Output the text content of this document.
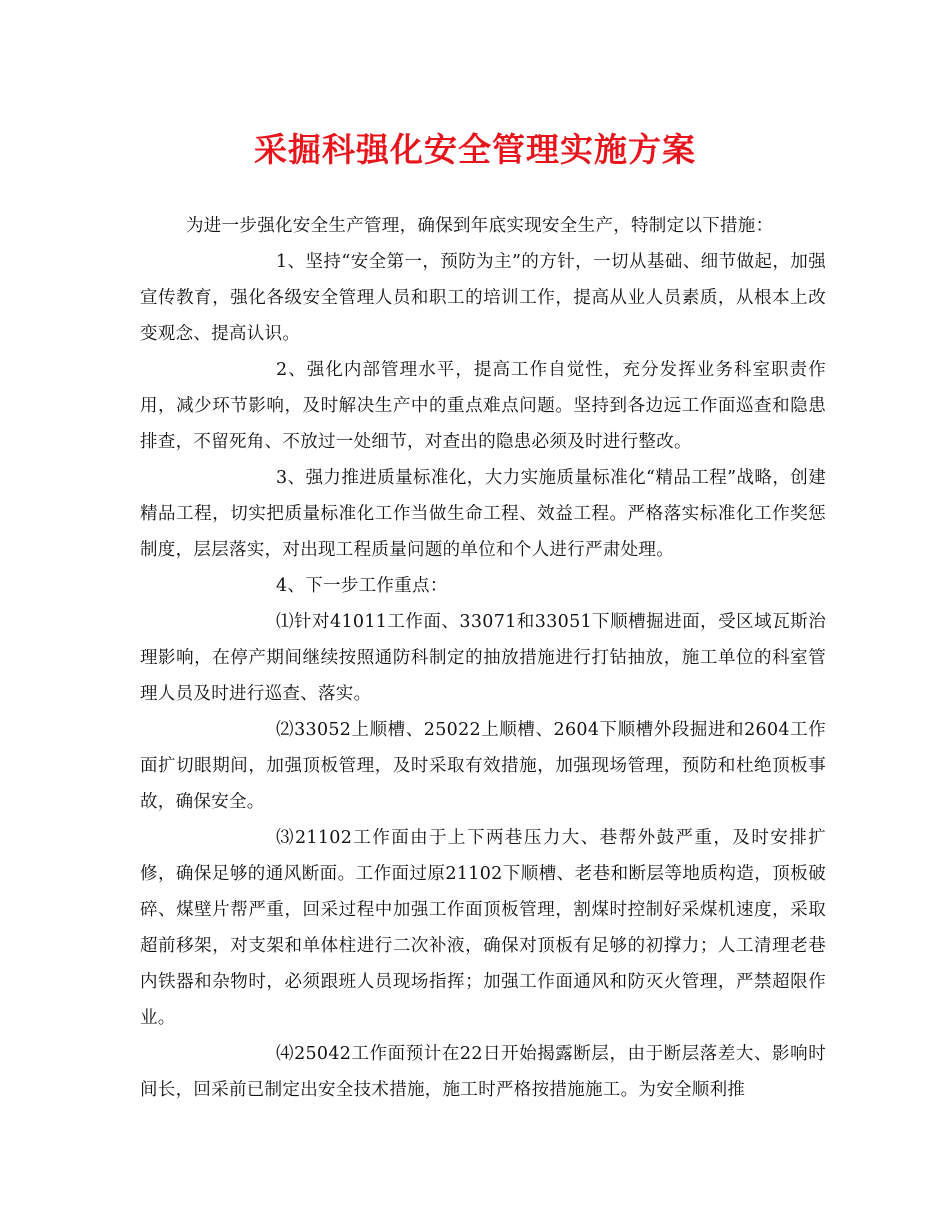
采掘科强化安全管理实施方案

为进一步强化安全生产管理，确保到年底实现安全生产，特制定以下措施：

1、坚持“安全第一，预防为主”的方针，一切从基础、细节做起，加强宣传教育，强化各级安全管理人员和职工的培训工作，提高从业人员素质，从根本上改变观念、提高认识。

2、强化内部管理水平，提高工作自觉性，充分发挥业务科室职责作用，减少环节影响，及时解决生产中的重点难点问题。坚持到各边远工作面巡查和隐患排查，不留死角、不放过一处细节，对查出的隐患必须及时进行整改。

3、强力推进质量标准化，大力实施质量标准化“精品工程”战略，创建精品工程，切实把质量标准化工作当做生命工程、效益工程。严格落实标准化工作奖惩制度，层层落实，对出现工程质量问题的单位和个人进行严肃处理。

4、下一步工作重点：

⑴针对41011工作面、33071和33051下顺槽掘进面，受区域瓦斯治理影响，在停产期间继续按照通防科制定的抽放措施进行打钻抽放，施工单位的科室管理人员及时进行巡查、落实。

⑵33052上顺槽、25022上顺槽、2604下顺槽外段掘进和2604工作面扩切眼期间，加强顶板管理，及时采取有效措施，加强现场管理，预防和杜绝顶板事故，确保安全。

⑶21102工作面由于上下两巷压力大、巷帮外鼓严重，及时安排扩修，确保足够的通风断面。工作面过原21102下顺槽、老巷和断层等地质构造，顶板破碎、煤壁片帮严重，回采过程中加强工作面顶板管理，割煤时控制好采煤机速度，采取超前移架，对支架和单体柱进行二次补液，确保对顶板有足够的初撑力；人工清理老巷内铁器和杂物时，必须跟班人员现场指挥；加强工作面通风和防灭火管理，严禁超限作业。

⑷25042工作面预计在22日开始揭露断层，由于断层落差大、影响时间长，回采前已制定出安全技术措施，施工时严格按措施施工。为安全顺利推
